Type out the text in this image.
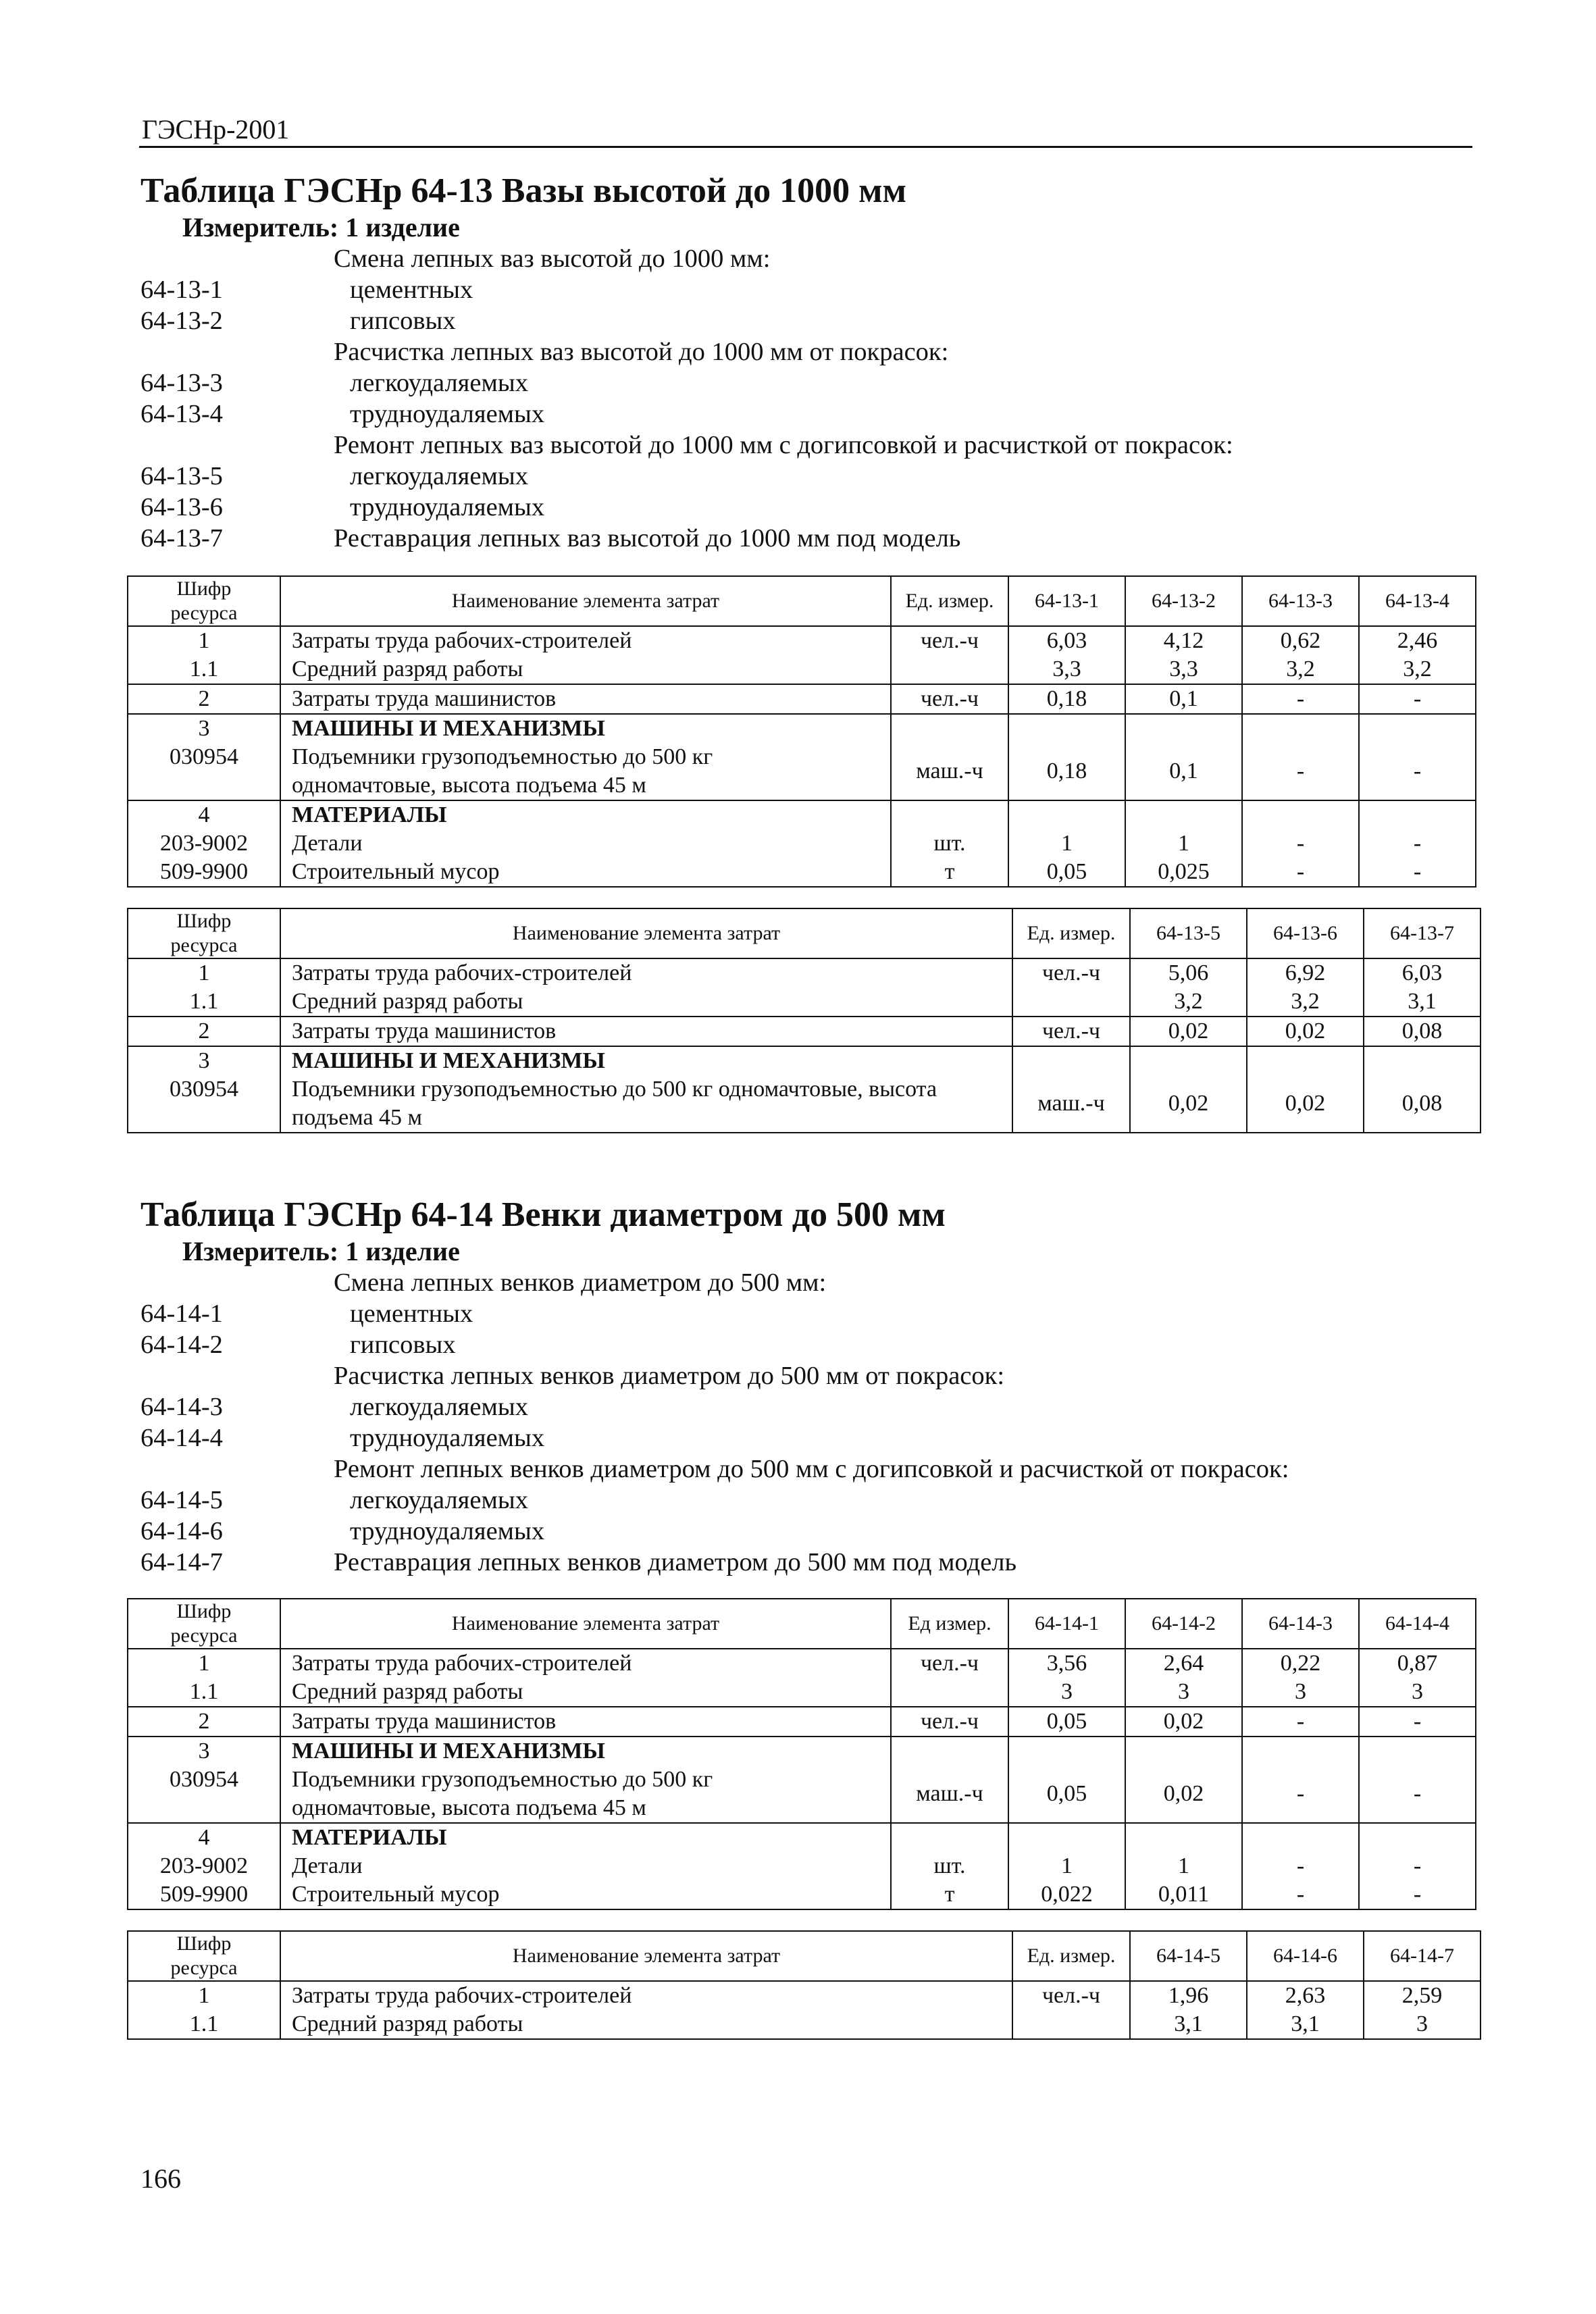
ГЭСНр-2001
Таблица ГЭСНр 64-13 Вазы высотой до 1000 мм

Измеритель: 1 изделие

Смена лепных ваз высотой до 1000 мм:
64-13-1	цементных
64-13-2	гипсовых
Расчистка лепных ваз высотой до 1000 мм от покрасок:
64-13-3	легкоудаляемых
64-13-4	трудноудаляемых
Ремонт лепных ваз высотой до 1000 мм с догипсовкой и расчисткой от покрасок:
64-13-5	легкоудаляемых
64-13-6	трудноудаляемых
64-13-7	Реставрация лепных ваз высотой до 1000 мм под модель
Шифр
ресурса	Наименование элемента затрат	Ед. измер.	64-13-1	64-13-2	64-13-3	64-13-4
1	Затраты труда рабочих-строителей	чел.-ч	6,03	4,12	0,62	2,46
1.1	Средний разряд работы		3,3	3,3	3,2	3,2
2	Затраты труда машинистов	чел.-ч	0,18	0,1	-	-
3	МАШИНЫ И МЕХАНИЗМЫ					
030954	Подъемники грузоподъемностью до 500 кг
одномачтовые, высота подъема 45 м	маш.-ч	0,18	0,1	-	-
4	МАТЕРИАЛЫ					
203-9002	Детали	шт.	1	1	-	-
509-9900	Строительный мусор	т	0,05	0,025	-	-
Шифр
ресурса	Наименование элемента затрат	Ед. измер.	64-13-5	64-13-6	64-13-7
1	Затраты труда рабочих-строителей	чел.-ч	5,06	6,92	6,03
1.1	Средний разряд работы		3,2	3,2	3,1
2	Затраты труда машинистов	чел.-ч	0,02	0,02	0,08
3	МАШИНЫ И МЕХАНИЗМЫ				
030954	Подъемники грузоподъемностью до 500 кг одномачтовые, высота
подъема 45 м	маш.-ч	0,02	0,02	0,08
Таблица ГЭСНр 64-14 Венки диаметром до 500 мм

Измеритель: 1 изделие

Смена лепных венков диаметром до 500 мм:
64-14-1	цементных
64-14-2	гипсовых
Расчистка лепных венков диаметром до 500 мм от покрасок:
64-14-3	легкоудаляемых
64-14-4	трудноудаляемых
Ремонт лепных венков диаметром до 500 мм с догипсовкой и расчисткой от покрасок:
64-14-5	легкоудаляемых
64-14-6	трудноудаляемых
64-14-7	Реставрация лепных венков диаметром до 500 мм под модель
Шифр
ресурса	Наименование элемента затрат	Ед измер.	64-14-1	64-14-2	64-14-3	64-14-4
1	Затраты труда рабочих-строителей	чел.-ч	3,56	2,64	0,22	0,87
1.1	Средний разряд работы		3	3	3	3
2	Затраты труда машинистов	чел.-ч	0,05	0,02	-	-
3	МАШИНЫ И МЕХАНИЗМЫ					
030954	Подъемники грузоподъемностью до 500 кг
одномачтовые, высота подъема 45 м	маш.-ч	0,05	0,02	-	-
4	МАТЕРИАЛЫ					
203-9002	Детали	шт.	1	1	-	-
509-9900	Строительный мусор	т	0,022	0,011	-	-
Шифр
ресурса	Наименование элемента затрат	Ед. измер.	64-14-5	64-14-6	64-14-7
1	Затраты труда рабочих-строителей	чел.-ч	1,96	2,63	2,59
1.1	Средний разряд работы		3,1	3,1	3
166
